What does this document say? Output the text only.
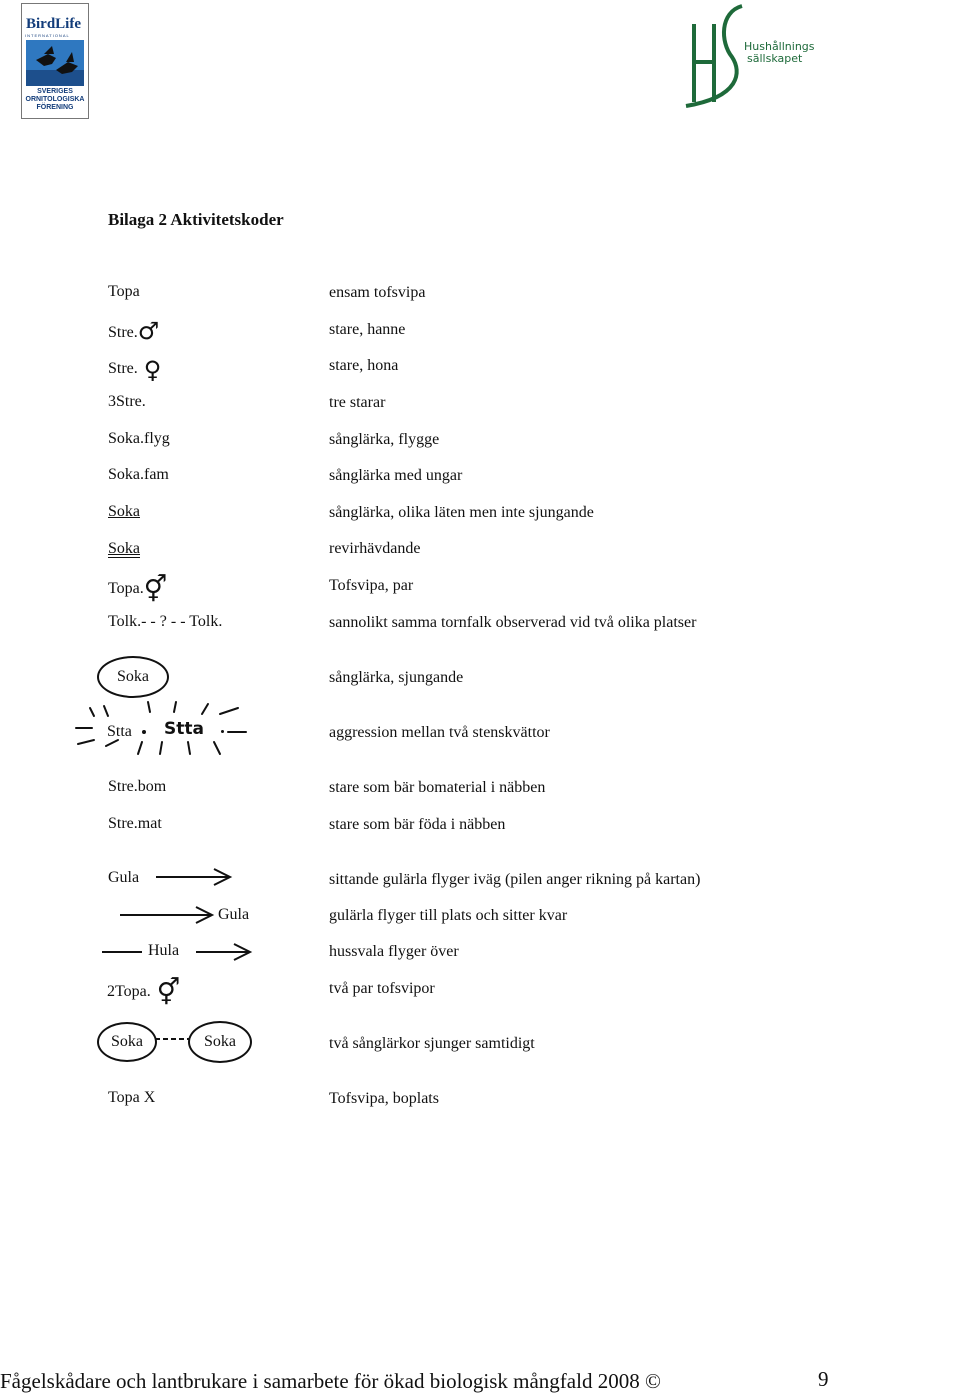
BirdLife
INTERNATIONAL
SVERIGES
ORNITOLOGISKA
FÖRENING
Hushållnings
sällskapet
Bilaga 2 Aktivitetskoder
Topa	ensam tofsvipa
Stre.♂	stare, hanne
Stre. ♀	stare, hona
3Stre.	tre starar
Soka.flyg	sånglärka, flygge
Soka.fam	sånglärka med ungar
Soka	sånglärka, olika läten men inte sjungande
Soka	revirhävdande
Topa.⚥	Tofsvipa, par
Tolk.- - ? - - Tolk.	sannolikt samma tornfalk observerad vid två olika platser
Soka	sånglärka, sjungande
Stta Stta	aggression mellan två stenskvättor
Stre.bom	stare som bär bomaterial i näbben
Stre.mat	stare som bär föda i näbben
Gula	sittande gulärla flyger iväg (pilen anger rikning på kartan)
Gula	gulärla flyger till plats och sitter kvar
Hula	hussvala flyger över
2Topa. ⚥	två par tofsvipor
Soka	Soka	två sånglärkor sjunger samtidigt
Topa X	Tofsvipa, boplats
Fågelskådare och lantbrukare i samarbete för ökad biologisk mångfald 2008 ©	9
